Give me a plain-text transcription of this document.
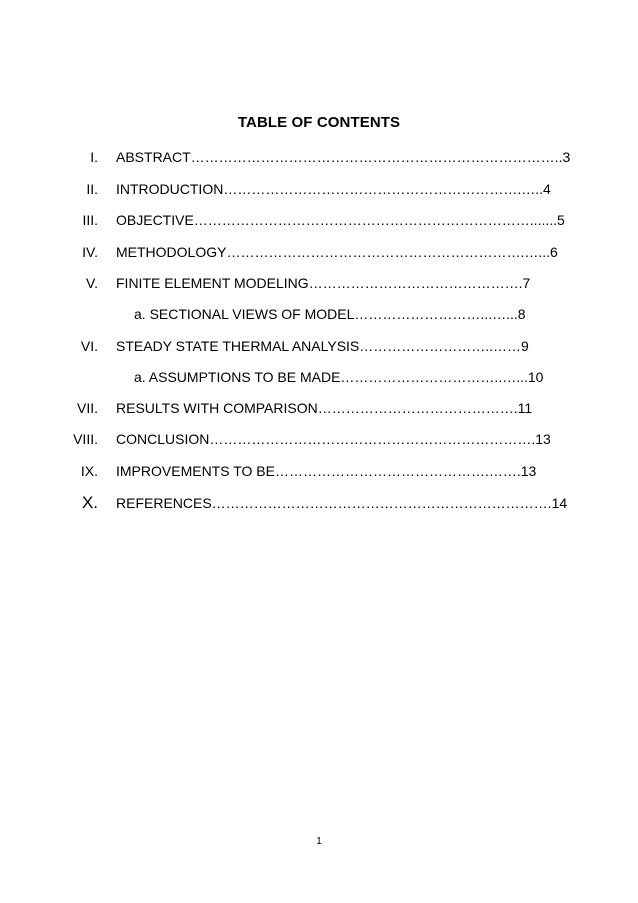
TABLE OF CONTENTS
I. ABSTRACT……………………………………………………………………..3
II. INTRODUCTION……………………………………………………….…..4
III. OBJECTIVE……………………………………………………………….......5
IV. METHODOLOGY……………………………………………………….…...6
V. FINITE ELEMENT MODELING……………………………………….7
a. SECTIONAL VIEWS OF MODEL………………………...…...8
VI. STEADY STATE THERMAL ANALYSIS………………………..……9
a. ASSUMPTIONS TO BE MADE……………………………..…...10
VII. RESULTS WITH COMPARISON…………………………………….11
VIII. CONCLUSION…………………………………………………………….13
IX. IMPROVEMENTS TO BE……………………………………….…….13
X. REFERENCES……………………………………………………………….14
1
